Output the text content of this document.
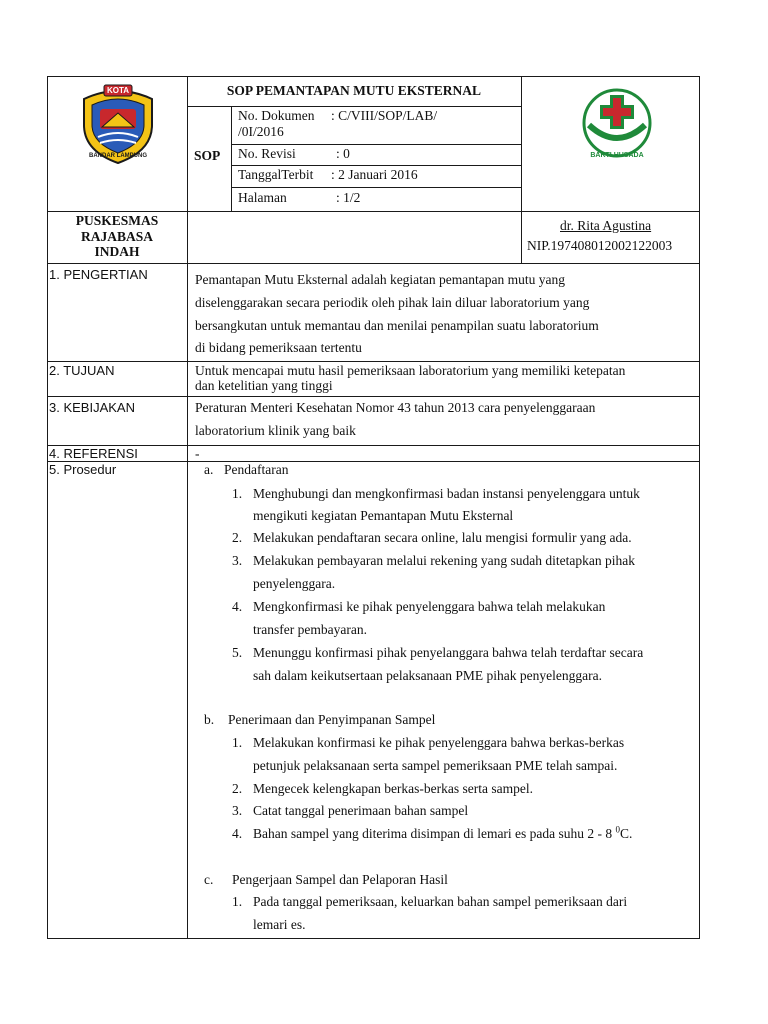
KOTA
BANDAR LAMPUNG	BAKTI HUSADA
SOP PEMANTAPAN MUTU EKSTERNAL
SOP
No. Dokumen : C/VIII/SOP/LAB/
/0I/2016
No. Revisi	: 0
TanggalTerbit : 2 Januari 2016
Halaman	: 1/2
PUSKESMAS
RAJABASA
INDAH
dr. Rita Agustina
NIP.197408012002122003
1. PENGERTIAN	Pemantapan Mutu Eksternal adalah kegiatan pemantapan mutu yang
diselenggarakan secara periodik oleh pihak lain diluar laboratorium yang
bersangkutan untuk memantau dan menilai penampilan suatu laboratorium
di bidang pemeriksaan tertentu
2. TUJUAN	Untuk mencapai mutu hasil pemeriksaan laboratorium yang memiliki ketepatan
dan ketelitian yang tinggi
3. KEBIJAKAN	Peraturan Menteri Kesehatan Nomor 43 tahun 2013 cara penyelenggaraan
laboratorium klinik yang baik
4. REFERENSI	-
5. Prosedur	a. Pendaftaran
1. Menghubungi dan mengkonfirmasi badan instansi penyelenggara untuk
mengikuti kegiatan Pemantapan Mutu Eksternal
2. Melakukan pendaftaran secara online, lalu mengisi formulir yang ada.
3. Melakukan pembayaran melalui rekening yang sudah ditetapkan pihak
penyelenggara.
4. Mengkonfirmasi ke pihak penyelenggara bahwa telah melakukan
transfer pembayaran.
5. Menunggu konfirmasi pihak penyelanggara bahwa telah terdaftar secara
sah dalam keikutsertaan pelaksanaan PME pihak penyelenggara.
b. Penerimaan dan Penyimpanan Sampel
1. Melakukan konfirmasi ke pihak penyelenggara bahwa berkas-berkas
petunjuk pelaksanaan serta sampel pemeriksaan PME telah sampai.
2. Mengecek kelengkapan berkas-berkas serta sampel.
3. Catat tanggal penerimaan bahan sampel
4. Bahan sampel yang diterima disimpan di lemari es pada suhu 2 - 8 $^0$C.
c. Pengerjaan Sampel dan Pelaporan Hasil
1. Pada tanggal pemeriksaan, keluarkan bahan sampel pemeriksaan dari
lemari es.
